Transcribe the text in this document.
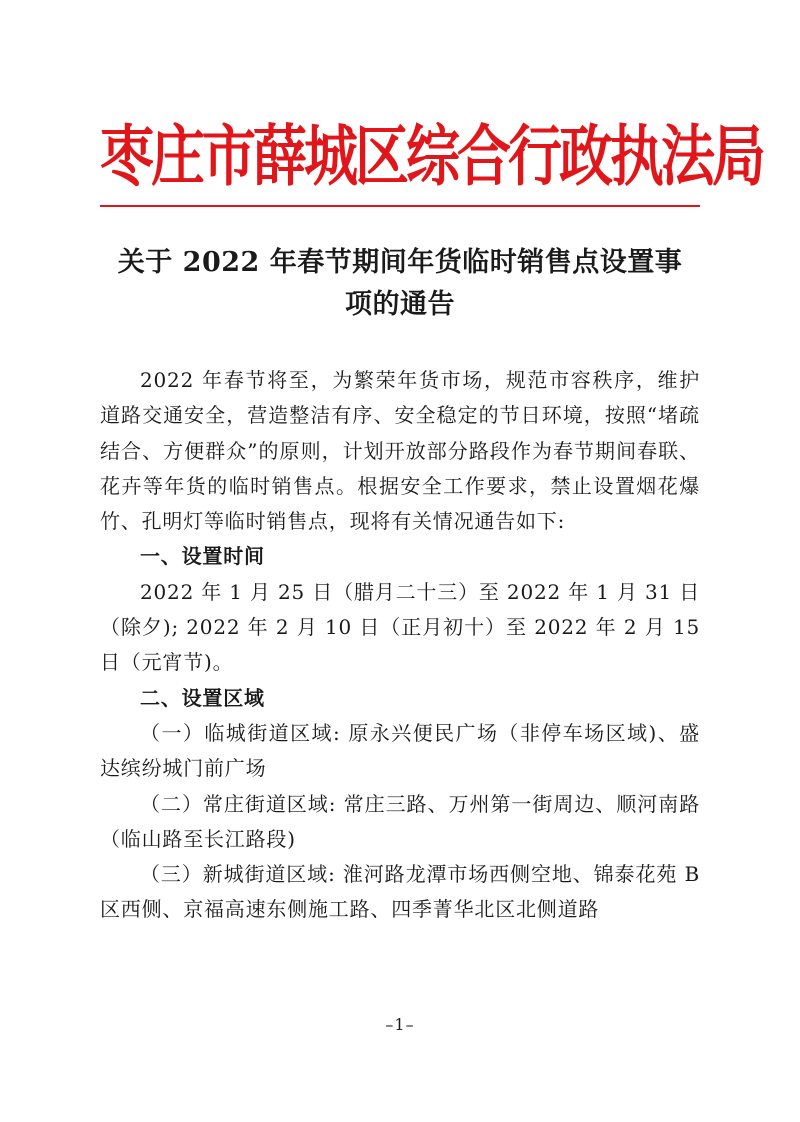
枣庄市薛城区综合行政执法局
关于 2022 年春节期间年货临时销售点设置事
项的通告

2022 年春节将至，为繁荣年货市场，规范市容秩序，维护道路交通安全，营造整洁有序、安全稳定的节日环境，按照“堵疏结合、方便群众”的原则，计划开放部分路段作为春节期间春联、花卉等年货的临时销售点。根据安全工作要求，禁止设置烟花爆竹、孔明灯等临时销售点，现将有关情况通告如下:

一、设置时间

2022 年 1 月 25 日（腊月二十三）至 2022 年 1 月 31 日（除夕); 2022 年 2 月 10 日（正月初十）至 2022 年 2 月 15 日（元宵节)。

二、设置区域

（一）临城街道区域: 原永兴便民广场（非停车场区域)、盛达缤纷城门前广场

（二）常庄街道区域: 常庄三路、万州第一街周边、顺河南路（临山路至长江路段)

（三）新城街道区域: 淮河路龙潭市场西侧空地、锦泰花苑 B 区西侧、京福高速东侧施工路、四季菁华北区北侧道路

–1–
